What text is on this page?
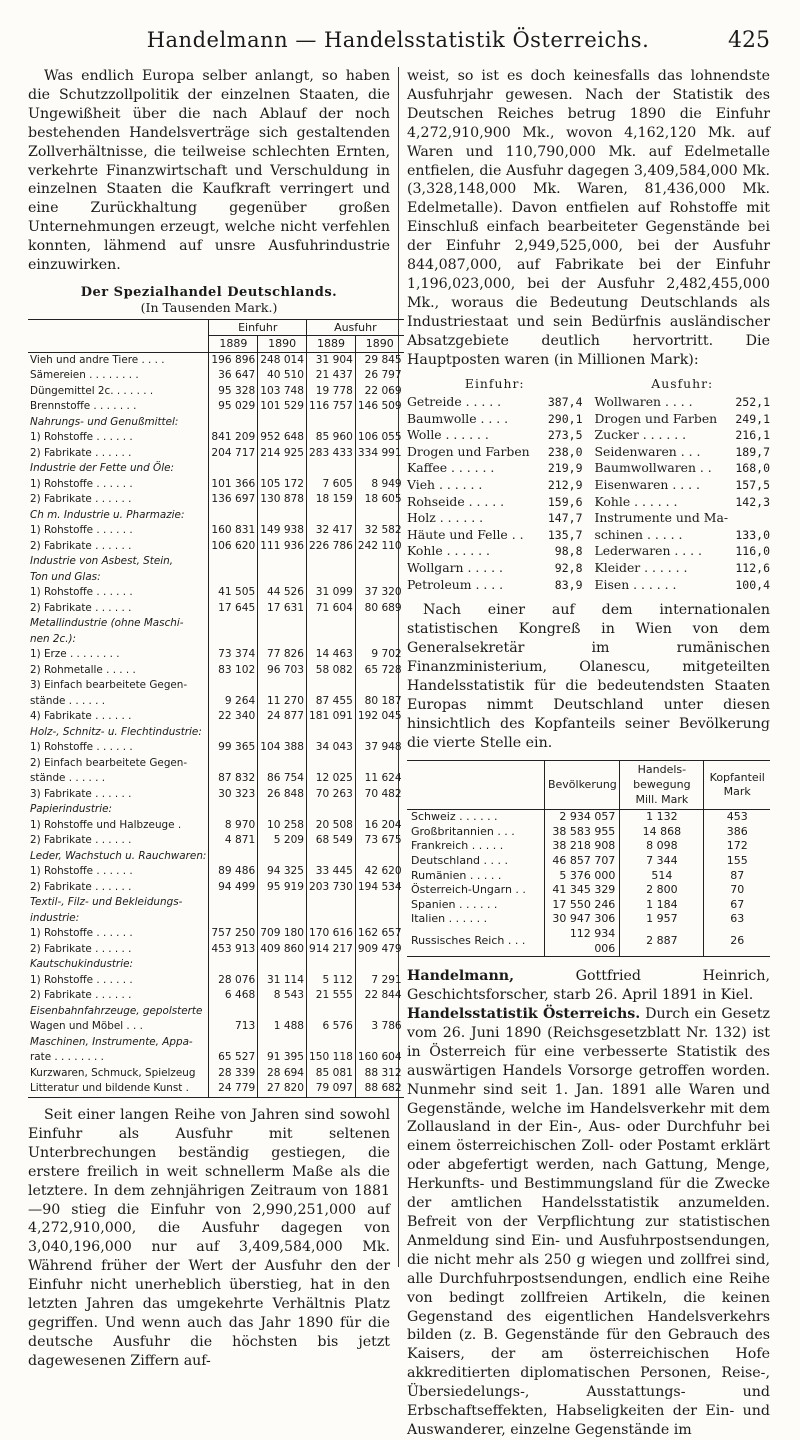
Handelmann — Handelsstatistik Österreichs.	425

Was endlich Europa selber anlangt, so haben die Schutzzollpolitik der einzelnen Staaten, die Ungewißheit über die nach Ablauf der noch bestehenden Handelsverträge sich gestaltenden Zollverhältnisse, die teilweise schlechten Ernten, verkehrte Finanzwirtschaft und Verschuldung in einzelnen Staaten die Kaufkraft verringert und eine Zurückhaltung gegenüber großen Unternehmungen erzeugt, welche nicht verfehlen konnten, lähmend auf unsre Ausfuhrindustrie einzuwirken.

Der Spezialhandel Deutschlands.
(In Tausenden Mark.)
	Einfuhr		Ausfuhr	
	1889	1890	1889	1890
Vieh und andre Tiere . . . .	196 896	248 014	31 904	29 845
Sämereien . . . . . . . .	36 647	40 510	21 437	26 797
Düngemittel 2c. . . . . . .	95 328	103 748	19 778	22 069
Brennstoffe . . . . . . .	95 029	101 529	116 757	146 509
Nahrungs- und Genußmittel:				
1) Rohstoffe . . . . . .	841 209	952 648	85 960	106 055
2) Fabrikate . . . . . .	204 717	214 925	283 433	334 991
Industrie der Fette und Öle:				
1) Rohstoffe . . . . . .	101 366	105 172	7 605	8 949
2) Fabrikate . . . . . .	136 697	130 878	18 159	18 605
Ch m. Industrie u. Pharmazie:				
1) Rohstoffe . . . . . .	160 831	149 938	32 417	32 582
2) Fabrikate . . . . . .	106 620	111 936	226 786	242 110
Industrie von Asbest, Stein,				
Ton und Glas:				
1) Rohstoffe . . . . . .	41 505	44 526	31 099	37 320
2) Fabrikate . . . . . .	17 645	17 631	71 604	80 689
Metallindustrie (ohne Maschi-				
nen 2c.):				
1) Erze . . . . . . . .	73 374	77 826	14 463	9 702
2) Rohmetalle . . . . .	83 102	96 703	58 082	65 728
3) Einfach bearbeitete Gegen-				
stände . . . . . .	9 264	11 270	87 455	80 187
4) Fabrikate . . . . . .	22 340	24 877	181 091	192 045
Holz-, Schnitz- u. Flechtindustrie:				
1) Rohstoffe . . . . . .	99 365	104 388	34 043	37 948
2) Einfach bearbeitete Gegen-				
stände . . . . . .	87 832	86 754	12 025	11 624
3) Fabrikate . . . . . .	30 323	26 848	70 263	70 482
Papierindustrie:				
1) Rohstoffe und Halbzeuge .	8 970	10 258	20 508	16 204
2) Fabrikate . . . . . .	4 871	5 209	68 549	73 675
Leder, Wachstuch u. Rauchwaren:				
1) Rohstoffe . . . . . .	89 486	94 325	33 445	42 620
2) Fabrikate . . . . . .	94 499	95 919	203 730	194 534
Textil-, Filz- und Bekleidungs-				
industrie:				
1) Rohstoffe . . . . . .	757 250	709 180	170 616	162 657
2) Fabrikate . . . . . .	453 913	409 860	914 217	909 479
Kautschukindustrie:				
1) Rohstoffe . . . . . .	28 076	31 114	5 112	7 291
2) Fabrikate . . . . . .	6 468	8 543	21 555	22 844
Eisenbahnfahrzeuge, gepolsterte				
Wagen und Möbel . . .	713	1 488	6 576	3 786
Maschinen, Instrumente, Appa-				
rate . . . . . . . .	65 527	91 395	150 118	160 604
Kurzwaren, Schmuck, Spielzeug	28 339	28 694	85 081	88 312
Litteratur und bildende Kunst .	24 779	27 820	79 097	88 682

Seit einer langen Reihe von Jahren sind sowohl Einfuhr als Ausfuhr mit seltenen Unterbrechungen beständig gestiegen, die erstere freilich in weit schnellerm Maße als die letztere. In dem zehnjährigen Zeitraum von 1881—90 stieg die Einfuhr von 2,990,251,000 auf 4,272,910,000, die Ausfuhr dagegen von 3,040,196,000 nur auf 3,409,584,000 Mk. Während früher der Wert der Ausfuhr den der Einfuhr nicht unerheblich überstieg, hat in den letzten Jahren das umgekehrte Verhältnis Platz gegriffen. Und wenn auch das Jahr 1890 für die deutsche Ausfuhr die höchsten bis jetzt dagewesenen Ziffern auf-

weist, so ist es doch keinesfalls das lohnendste Ausfuhrjahr gewesen. Nach der Statistik des Deutschen Reiches betrug 1890 die Einfuhr 4,272,910,900 Mk., wovon 4,162,120 Mk. auf Waren und 110,790,000 Mk. auf Edelmetalle entfielen, die Ausfuhr dagegen 3,409,584,000 Mk. (3,328,148,000 Mk. Waren, 81,436,000 Mk. Edelmetalle). Davon entfielen auf Rohstoffe mit Einschluß einfach bearbeiteter Gegenstände bei der Einfuhr 2,949,525,000, bei der Ausfuhr 844,087,000, auf Fabrikate bei der Einfuhr 1,196,023,000, bei der Ausfuhr 2,482,455,000 Mk., woraus die Bedeutung Deutschlands als Industriestaat und sein Bedürfnis ausländischer Absatzgebiete deutlich hervortritt. Die Hauptposten waren (in Millionen Mark):

Einfuhr:
Getreide . . . . .	387,4
Baumwolle . . . .	290,1
Wolle . . . . . .	273,5
Drogen und Farben 238,0
Kaffee . . . . . .	219,9
Vieh . . . . . .	212,9
Rohseide . . . . .	159,6
Holz . . . . . .	147,7
Häute und Felle . . 135,7
Kohle . . . . . .	98,8
Wollgarn . . . . .	92,8
Petroleum . . . .	83,9
Ausfuhr:
Wollwaren . . . .	252,1
Drogen und Farben 249,1
Zucker . . . . . .	216,1
Seidenwaren . . .	189,7
Baumwollwaren . . 168,0
Eisenwaren . . . .	157,5
Kohle . . . . . .	142,3
Instrumente und Ma-
schinen . . . . .	133,0
Lederwaren . . . .	116,0
Kleider . . . . . .	112,6
Eisen . . . . . .	100,4

Nach einer auf dem internationalen statistischen Kongreß in Wien von dem Generalsekretär im rumänischen Finanzministerium, Olanescu, mitgeteilten Handelsstatistik für die bedeutendsten Staaten Europas nimmt Deutschland unter diesen hinsichtlich des Kopfanteils seiner Bevölkerung die vierte Stelle ein.

	Bevölkerung	Handels-bewegung Mill. Mark	Kopfanteil Mark
Schweiz . . . . . .	2 934 057	1 132	453
Großbritannien . . .	38 583 955	14 868	386
Frankreich . . . . .	38 218 908	8 098	172
Deutschland . . . .	46 857 707	7 344	155
Rumänien . . . . .	5 376 000	514	87
Österreich-Ungarn . .	41 345 329	2 800	70
Spanien . . . . . .	17 550 246	1 184	67
Italien . . . . . .	30 947 306	1 957	63
Russisches Reich . . .	112 934 006	2 887	26

Handelmann, Gottfried Heinrich, Geschichtsforscher, starb 26. April 1891 in Kiel.

Handelsstatistik Österreichs. Durch ein Gesetz vom 26. Juni 1890 (Reichsgesetzblatt Nr. 132) ist in Österreich für eine verbesserte Statistik des auswärtigen Handels Vorsorge getroffen worden. Nunmehr sind seit 1. Jan. 1891 alle Waren und Gegenstände, welche im Handelsverkehr mit dem Zollausland in der Ein-, Aus- oder Durchfuhr bei einem österreichischen Zoll- oder Postamt erklärt oder abgefertigt werden, nach Gattung, Menge, Herkunfts- und Bestimmungsland für die Zwecke der amtlichen Handelsstatistik anzumelden. Befreit von der Verpflichtung zur statistischen Anmeldung sind Ein- und Ausfuhrpostsendungen, die nicht mehr als 250 g wiegen und zollfrei sind, alle Durchfuhrpostsendungen, endlich eine Reihe von bedingt zollfreien Artikeln, die keinen Gegenstand des eigentlichen Handelsverkehrs bilden (z. B. Gegenstände für den Gebrauch des Kaisers, der am österreichischen Hofe akkreditierten diplomatischen Personen, Reise-, Übersiedelungs-, Ausstattungs- und Erbschaftseffekten, Habseligkeiten der Ein- und Auswanderer, einzelne Gegenstände im
